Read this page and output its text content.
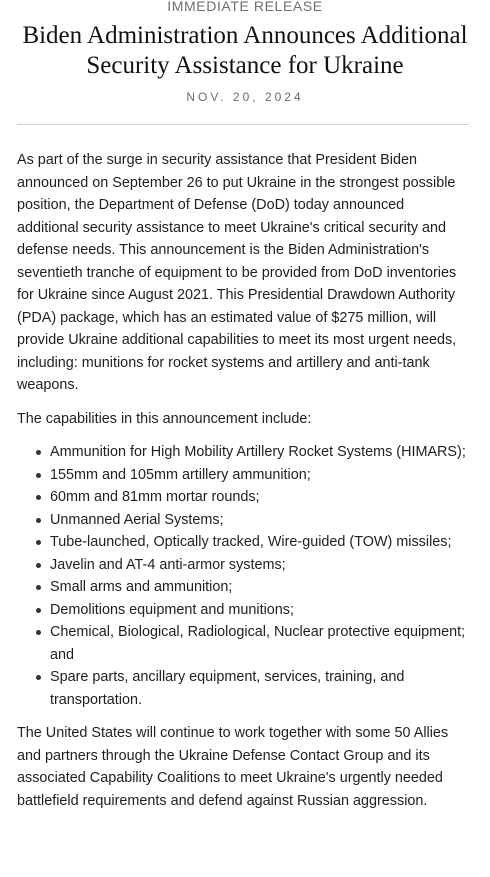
IMMEDIATE RELEASE
Biden Administration Announces Additional Security Assistance for Ukraine
NOV. 20, 2024

As part of the surge in security assistance that President Biden announced on September 26 to put Ukraine in the strongest possible position, the Department of Defense (DoD) today announced additional security assistance to meet Ukraine's critical security and defense needs. This announcement is the Biden Administration's seventieth tranche of equipment to be provided from DoD inventories for Ukraine since August 2021. This Presidential Drawdown Authority (PDA) package, which has an estimated value of $275 million, will provide Ukraine additional capabilities to meet its most urgent needs, including: munitions for rocket systems and artillery and anti-tank weapons.

The capabilities in this announcement include:

Ammunition for High Mobility Artillery Rocket Systems (HIMARS);
155mm and 105mm artillery ammunition;
60mm and 81mm mortar rounds;
Unmanned Aerial Systems;
Tube-launched, Optically tracked, Wire-guided (TOW) missiles;
Javelin and AT-4 anti-armor systems;
Small arms and ammunition;
Demolitions equipment and munitions;
Chemical, Biological, Radiological, Nuclear protective equipment; and
Spare parts, ancillary equipment, services, training, and transportation.

The United States will continue to work together with some 50 Allies and partners through the Ukraine Defense Contact Group and its associated Capability Coalitions to meet Ukraine's urgently needed battlefield requirements and defend against Russian aggression.
